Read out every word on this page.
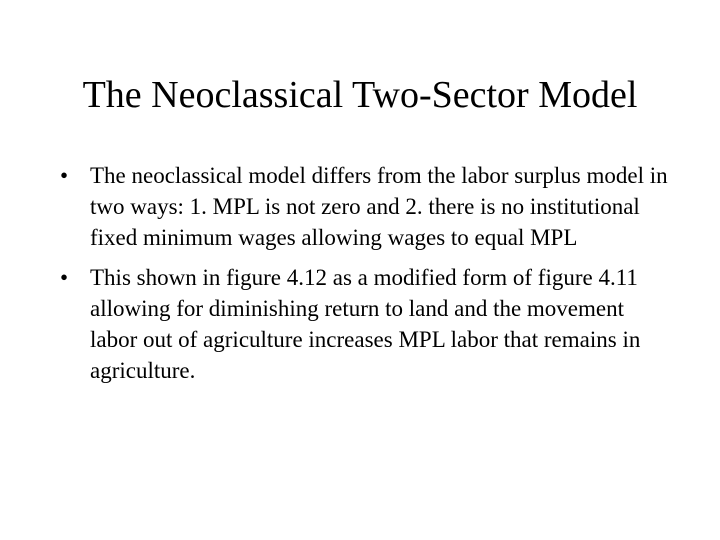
The Neoclassical Two-Sector Model
• The neoclassical model differs from the labor surplus model in two ways: 1. MPL is not zero and 2. there is no institutional fixed minimum wages allowing wages to equal MPL
• This shown in figure 4.12 as a modified form of figure 4.11 allowing for diminishing return to land and the movement labor out of agriculture increases MPL labor that remains in agriculture.
